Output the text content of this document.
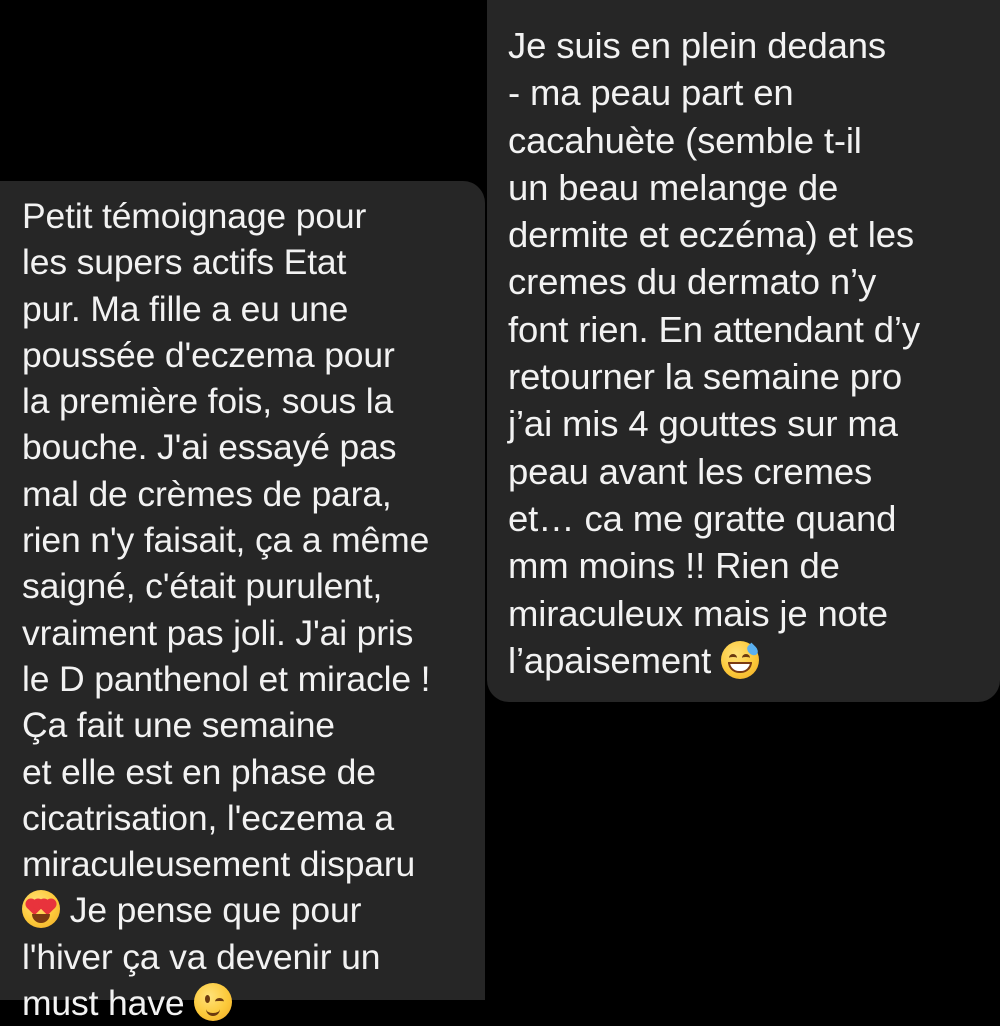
Petit témoignage pour
les supers actifs Etat
pur. Ma fille a eu une
poussée d'eczema pour
la première fois, sous la
bouche. J'ai essayé pas
mal de crèmes de para,
rien n'y faisait, ça a même
saigné, c'était purulent,
vraiment pas joli. J'ai pris
le D panthenol et miracle !
Ça fait une semaine
et elle est en phase de
cicatrisation, l'eczema a
miraculeusement disparu
Je pense que pour
l'hiver ça va devenir un
must have
Je suis en plein dedans
- ma peau part en
cacahuète (semble t-il
un beau melange de
dermite et eczéma) et les
cremes du dermato n’y
font rien. En attendant d’y
retourner la semaine pro
j’ai mis 4 gouttes sur ma
peau avant les cremes
et… ca me gratte quand
mm moins !! Rien de
miraculeux mais je note
l’apaisement
